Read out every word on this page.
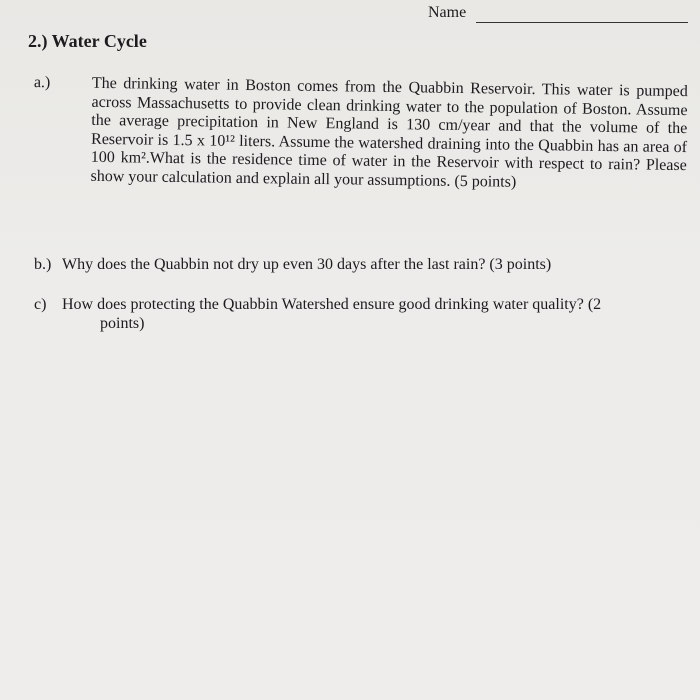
Name
2.) Water Cycle
a.)	The drinking water in Boston comes from the Quabbin Reservoir. This water is pumped across Massachusetts to provide clean drinking water to the population of Boston. Assume the average precipitation in New England is 130 cm/year and that the volume of the Reservoir is 1.5 x 10¹² liters. Assume the watershed draining into the Quabbin has an area of 100 km².What is the residence time of water in the Reservoir with respect to rain? Please show your calculation and explain all your assumptions. (5 points)
b.) Why does the Quabbin not dry up even 30 days after the last rain? (3 points)
c) How does protecting the Quabbin Watershed ensure good drinking water quality? (2
points)
